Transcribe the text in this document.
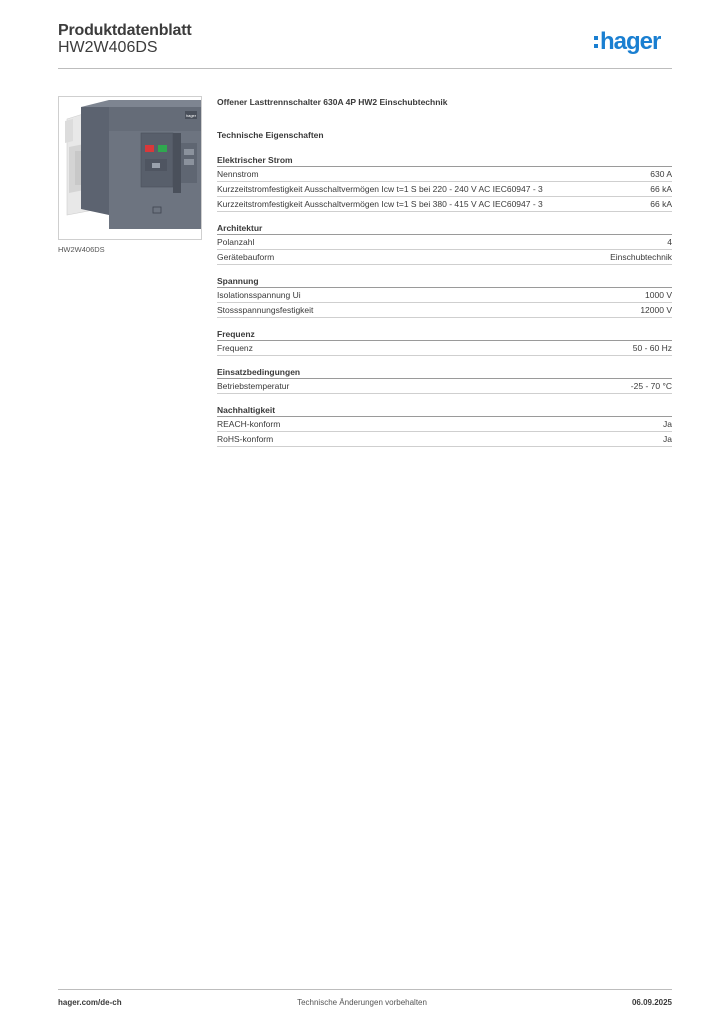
Produktdatenblatt
HW2W406DS	hager
hager
HW2W406DS
Offener Lasttrennschalter 630A 4P HW2 Einschubtechnik
Technische Eigenschaften
Elektrischer Strom
Nennstrom	630 A
Kurzzeitstromfestigkeit Ausschaltvermögen Icw t=1 S bei 220 - 240 V AC IEC60947 - 3	66 kA
Kurzzeitstromfestigkeit Ausschaltvermögen Icw t=1 S bei 380 - 415 V AC IEC60947 - 3	66 kA
Architektur
Polanzahl	4
Gerätebauform	Einschubtechnik
Spannung
Isolationsspannung Ui	1000 V
Stossspannungsfestigkeit	12000 V
Frequenz
Frequenz	50 - 60 Hz
Einsatzbedingungen
Betriebstemperatur	-25 - 70 °C
Nachhaltigkeit
REACH-konform	Ja
RoHS-konform	Ja
hager.com/de-ch	Technische Änderungen vorbehalten	06.09.2025
